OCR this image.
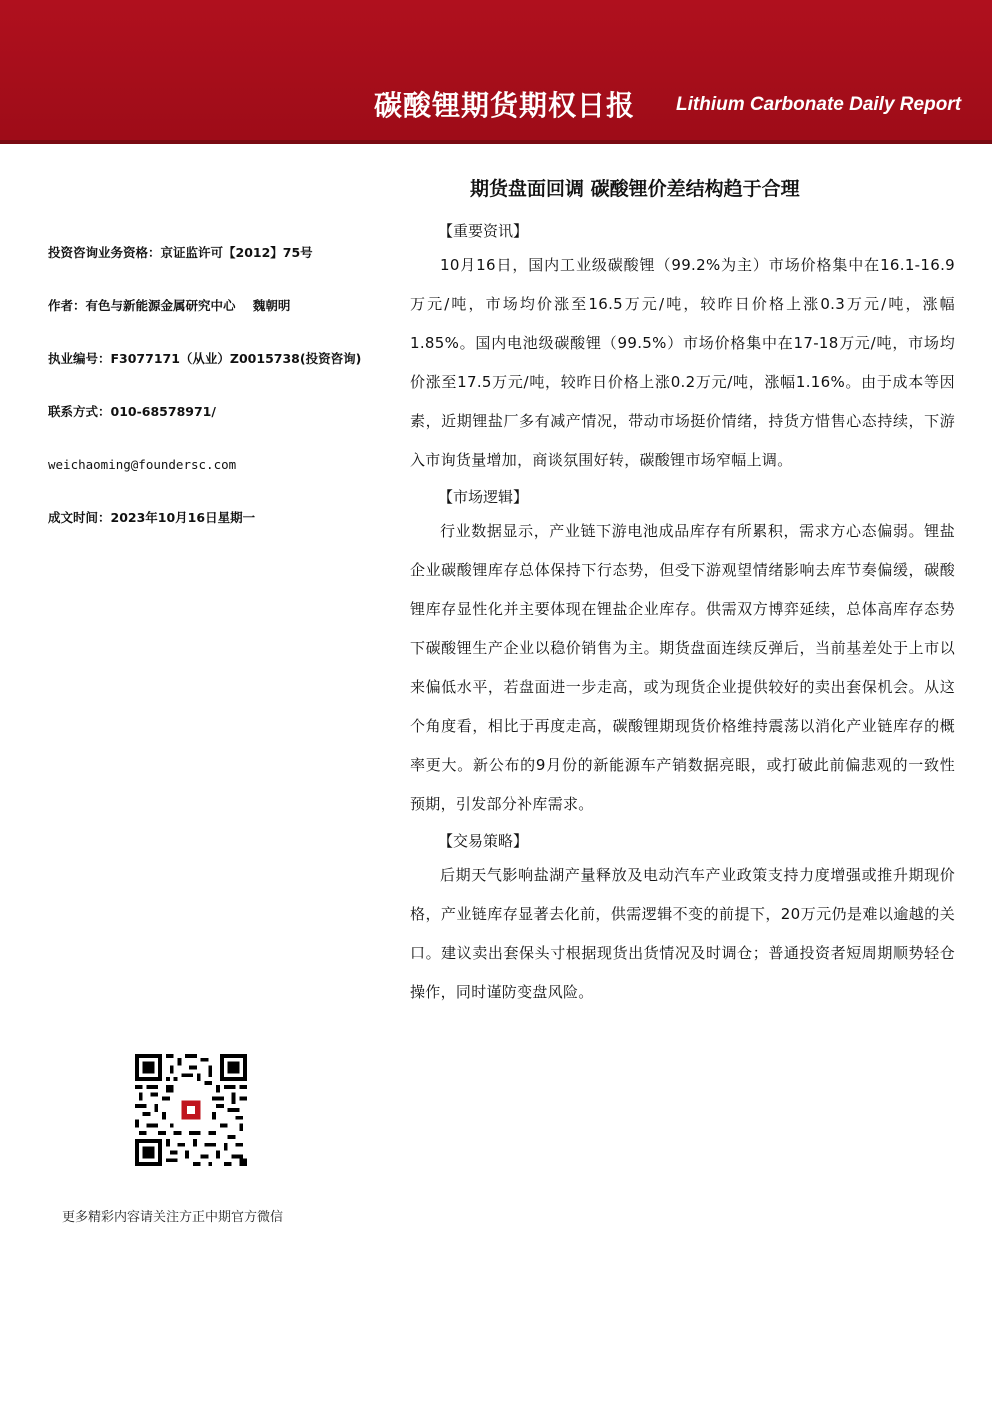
碳酸锂期货期权日报 Lithium Carbonate Daily Report
期货盘面回调 碳酸锂价差结构趋于合理
投资咨询业务资格：京证监许可【2012】75号
作者：有色与新能源金属研究中心    魏朝明
执业编号：F3077171（从业）Z0015738(投资咨询)
联系方式：010-68578971/
weichaoming@foundersc.com
成文时间：2023年10月16日星期一
更多精彩内容请关注方正中期官方微信
【重要资讯】

10月16日，国内工业级碳酸锂（99.2%为主）市场价格集中在16.1-16.9万元/吨，市场均价涨至16.5万元/吨，较昨日价格上涨0.3万元/吨，涨幅1.85%。国内电池级碳酸锂（99.5%）市场价格集中在17-18万元/吨，市场均价涨至17.5万元/吨，较昨日价格上涨0.2万元/吨，涨幅1.16%。由于成本等因素，近期锂盐厂多有减产情况，带动市场挺价情绪，持货方惜售心态持续，下游入市询货量增加，商谈氛围好转，碳酸锂市场窄幅上调。

【市场逻辑】

行业数据显示，产业链下游电池成品库存有所累积，需求方心态偏弱。锂盐企业碳酸锂库存总体保持下行态势，但受下游观望情绪影响去库节奏偏缓，碳酸锂库存显性化并主要体现在锂盐企业库存。供需双方博弈延续，总体高库存态势下碳酸锂生产企业以稳价销售为主。期货盘面连续反弹后，当前基差处于上市以来偏低水平，若盘面进一步走高，或为现货企业提供较好的卖出套保机会。从这个角度看，相比于再度走高，碳酸锂期现货价格维持震荡以消化产业链库存的概率更大。新公布的9月份的新能源车产销数据亮眼，或打破此前偏悲观的一致性预期，引发部分补库需求。

【交易策略】

后期天气影响盐湖产量释放及电动汽车产业政策支持力度增强或推升期现价格，产业链库存显著去化前，供需逻辑不变的前提下，20万元仍是难以逾越的关口。建议卖出套保头寸根据现货出货情况及时调仓；普通投资者短周期顺势轻仓操作，同时谨防变盘风险。
